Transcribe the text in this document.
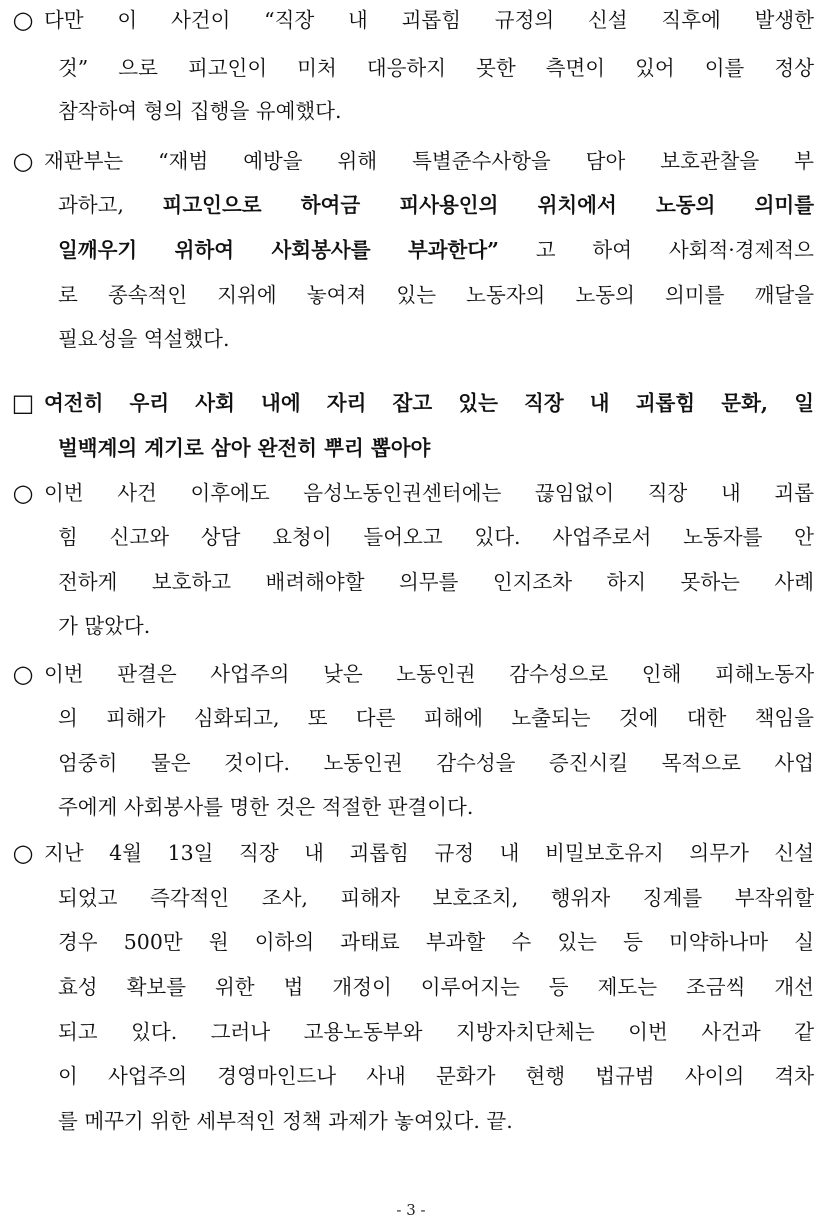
○ 다만 이 사건이 “직장 내 괴롭힘 규정의 신설 직후에 발생한
것” 으로 피고인이 미처 대응하지 못한 측면이 있어 이를 정상
참작하여 형의 집행을 유예했다.
○ 재판부는 “재범 예방을 위해 특별준수사항을 담아 보호관찰을 부
과하고, 피고인으로 하여금 피사용인의 위치에서 노동의 의미를
일깨우기 위하여 사회봉사를 부과한다” 고 하여 사회적·경제적으
로 종속적인 지위에 놓여져 있는 노동자의 노동의 의미를 깨달을
필요성을 역설했다.
□ 여전히 우리 사회 내에 자리 잡고 있는 직장 내 괴롭힘 문화, 일
벌백계의 계기로 삼아 완전히 뿌리 뽑아야
○ 이번 사건 이후에도 음성노동인권센터에는 끊임없이 직장 내 괴롭
힘 신고와 상담 요청이 들어오고 있다. 사업주로서 노동자를 안
전하게 보호하고 배려해야할 의무를 인지조차 하지 못하는 사례
가 많았다.
○ 이번 판결은 사업주의 낮은 노동인권 감수성으로 인해 피해노동자
의 피해가 심화되고, 또 다른 피해에 노출되는 것에 대한 책임을
엄중히 물은 것이다. 노동인권 감수성을 증진시킬 목적으로 사업
주에게 사회봉사를 명한 것은 적절한 판결이다.
○ 지난 4월 13일 직장 내 괴롭힘 규정 내 비밀보호유지 의무가 신설
되었고 즉각적인 조사, 피해자 보호조치, 행위자 징계를 부작위할
경우 500만 원 이하의 과태료 부과할 수 있는 등 미약하나마 실
효성 확보를 위한 법 개정이 이루어지는 등 제도는 조금씩 개선
되고 있다. 그러나 고용노동부와 지방자치단체는 이번 사건과 같
이 사업주의 경영마인드나 사내 문화가 현행 법규범 사이의 격차
를 메꾸기 위한 세부적인 정책 과제가 놓여있다. 끝.
- 3 -
